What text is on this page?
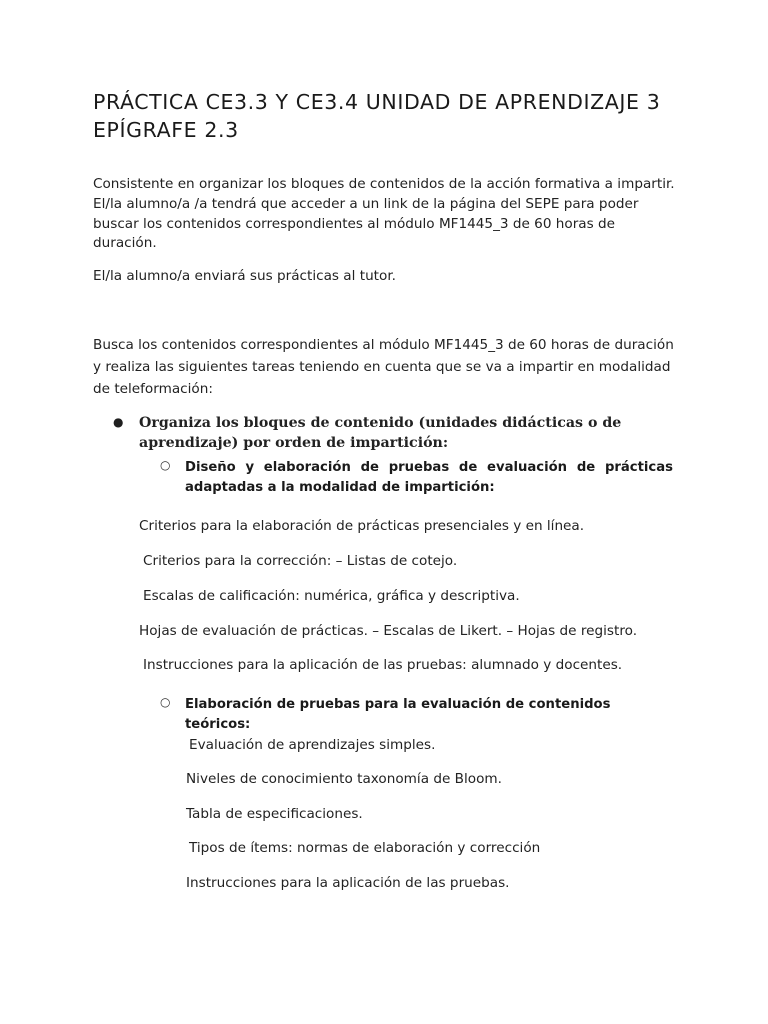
PRÁCTICA CE3.3 Y CE3.4 UNIDAD DE APRENDIZAJE 3 EPÍGRAFE 2.3

Consistente en organizar los bloques de contenidos de la acción formativa a impartir. El/la alumno/a /a tendrá que acceder a un link de la página del SEPE para poder buscar los contenidos correspondientes al módulo MF1445_3 de 60 horas de duración.

El/la alumno/a enviará sus prácticas al tutor.

Busca los contenidos correspondientes al módulo MF1445_3 de 60 horas de duración y realiza las siguientes tareas teniendo en cuenta que se va a impartir en modalidad de teleformación:

● Organiza los bloques de contenido (unidades didácticas o de aprendizaje) por orden de impartición:

○ Diseño y elaboración de pruebas de evaluación de prácticas adaptadas a la modalidad de impartición:

Criterios para la elaboración de prácticas presenciales y en línea.

Criterios para la corrección: – Listas de cotejo.

Escalas de calificación: numérica, gráfica y descriptiva.

Hojas de evaluación de prácticas. – Escalas de Likert. – Hojas de registro.

Instrucciones para la aplicación de las pruebas: alumnado y docentes.

○ Elaboración de pruebas para la evaluación de contenidos teóricos:

Evaluación de aprendizajes simples.

Niveles de conocimiento taxonomía de Bloom.

Tabla de especificaciones.

Tipos de ítems: normas de elaboración y corrección

Instrucciones para la aplicación de las pruebas.
